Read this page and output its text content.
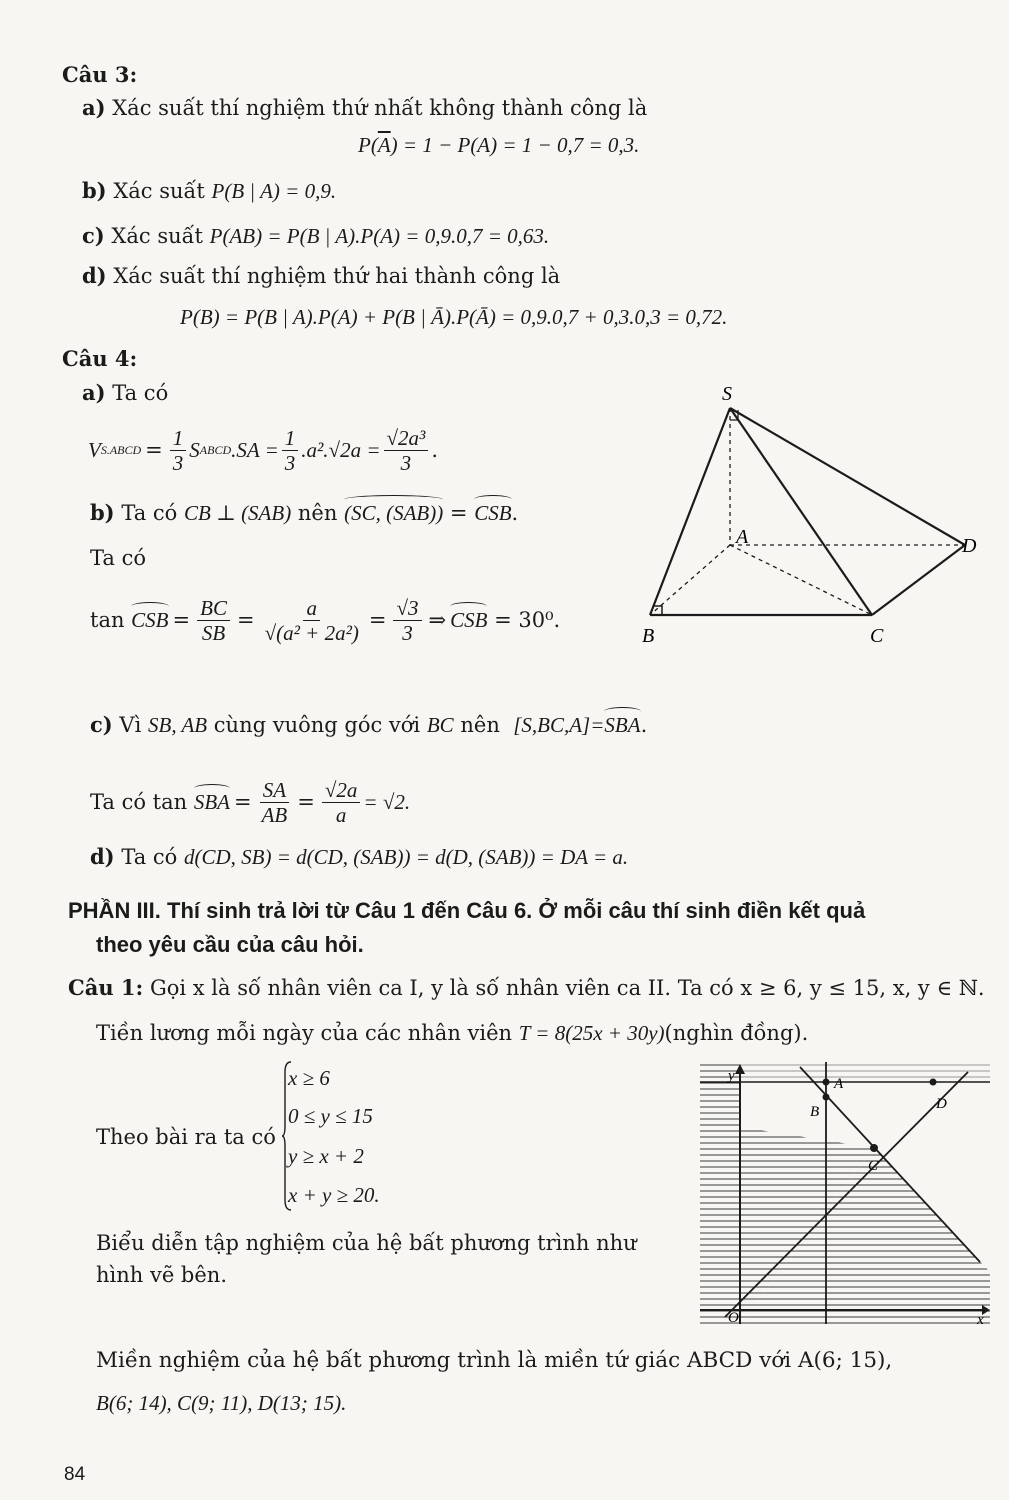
Câu 3:
a) Xác suất thí nghiệm thứ nhất không thành công là
$P(\overline{A}) = 1 - P(A) = 1 - 0,7 = 0,3$.
b) Xác suất P(B | A) = 0,9.
c) Xác suất P(AB) = P(B | A).P(A) = 0,9.0,7 = 0,63.
d) Xác suất thí nghiệm thứ hai thành công là
P(B) = P(B | A).P(A) + P(B | Ā).P(Ā) = 0,9.0,7 + 0,3.0,3 = 0,72.
Câu 4:
a) Ta có
V S.ABCD = $\frac{1}{3}$ S ABCD $.SA = \frac{1}{3} .a^2.√2a = \frac{\text{√2a³}}{3}$ .
b) Ta có CB ⊥ (SAB) nên (SC, (SAB)) = CSB.
Ta có
tan
CSB = $\frac{BC}{SB} = \frac{a}{\text{√(a² + 2a²)}} = \frac{√3}{3}$ ⇒ CSB
= 30⁰.
S
A
B	C
D
c) Vì SB, AB cùng vuông góc với BC nên [S,BC,A]=SBA.
Ta có
tan
SBA = $\frac{SA}{AB} = \frac{√2a}{a} = √2$.
d) Ta có d(CD, SB) = d(CD, (SAB)) = d(D, (SAB)) = DA = a.
PHẦN III. Thí sinh trả lời từ Câu 1 đến Câu 6. Ở mỗi câu thí sinh điền kết quả
theo yêu cầu của câu hỏi.
Câu 1: Gọi x là số nhân viên ca I, y là số nhân viên ca II. Ta có x ≥ 6, y ≤ 15, x, y ∈ ℕ.
Tiền lương mỗi ngày của các nhân viên T = 8(25x + 30y)(nghìn đồng).
Theo bài ra ta có
x ≥ 6
0 ≤ y ≤ 15
y ≥ x + 2
x + y ≥ 20.
Biểu diễn tập nghiệm của hệ bất phương trình như
hình vẽ bên.
y
x
O
A
B
C
D
Miền nghiệm của hệ bất phương trình là miền tứ giác ABCD với A(6; 15),
B(6; 14), C(9; 11), D(13; 15).
84
